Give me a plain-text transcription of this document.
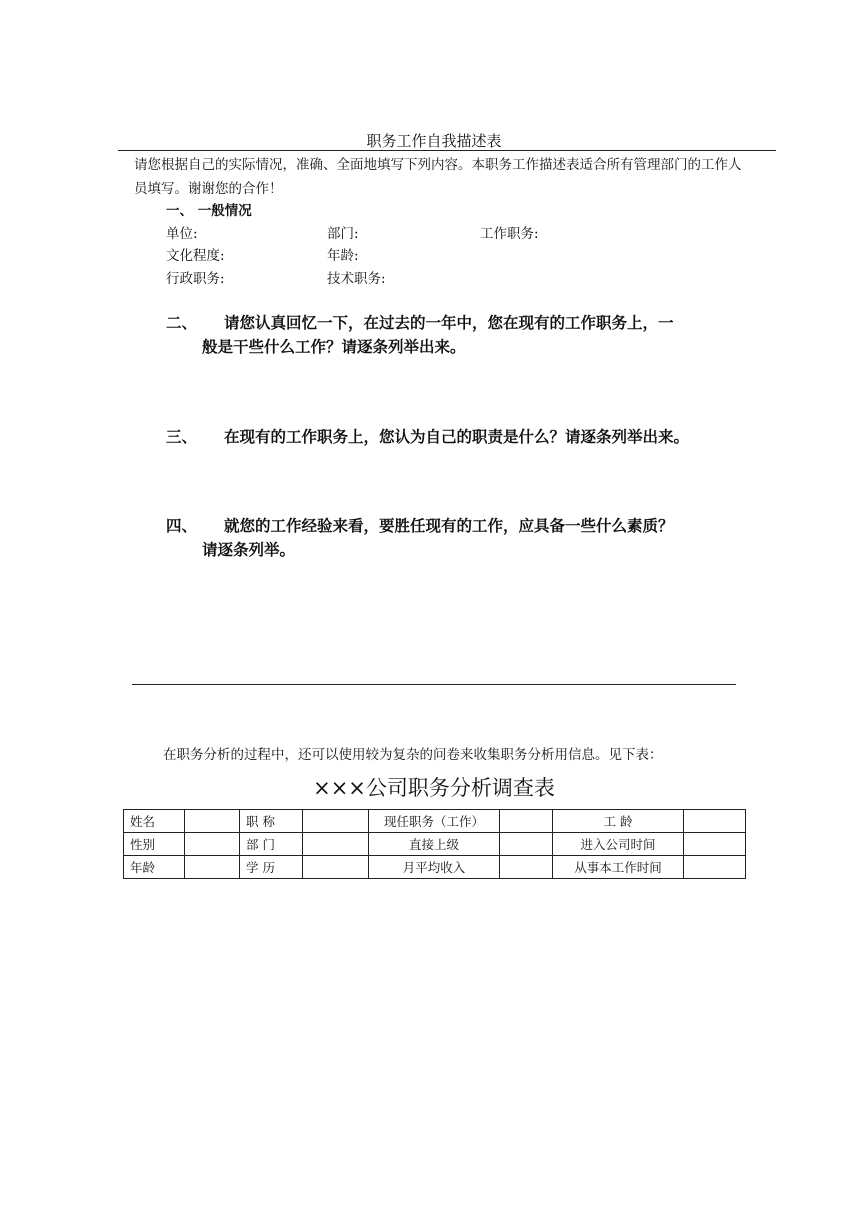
职务工作自我描述表
请您根据自己的实际情况，准确、全面地填写下列内容。本职务工作描述表适合所有管理部门的工作人员填写。谢谢您的合作！
一、 一般情况
单位:	部门:	工作职务:
文化程度:	年龄:
行政职务:	技术职务:
二、 请您认真回忆一下，在过去的一年中，您在现有的工作职务上，一
般是干些什么工作？请逐条列举出来。
三、 在现有的工作职务上，您认为自己的职责是什么？请逐条列举出来。
四、 就您的工作经验来看，要胜任现有的工作，应具备一些什么素质？
请逐条列举。
在职务分析的过程中，还可以使用较为复杂的问卷来收集职务分析用信息。见下表：
×××公司职务分析调查表
姓名		职 称		现任职务（工作）		工 龄	
性别		部 门		直接上级		进入公司时间	
年龄		学 历		月平均收入		从事本工作时间	
